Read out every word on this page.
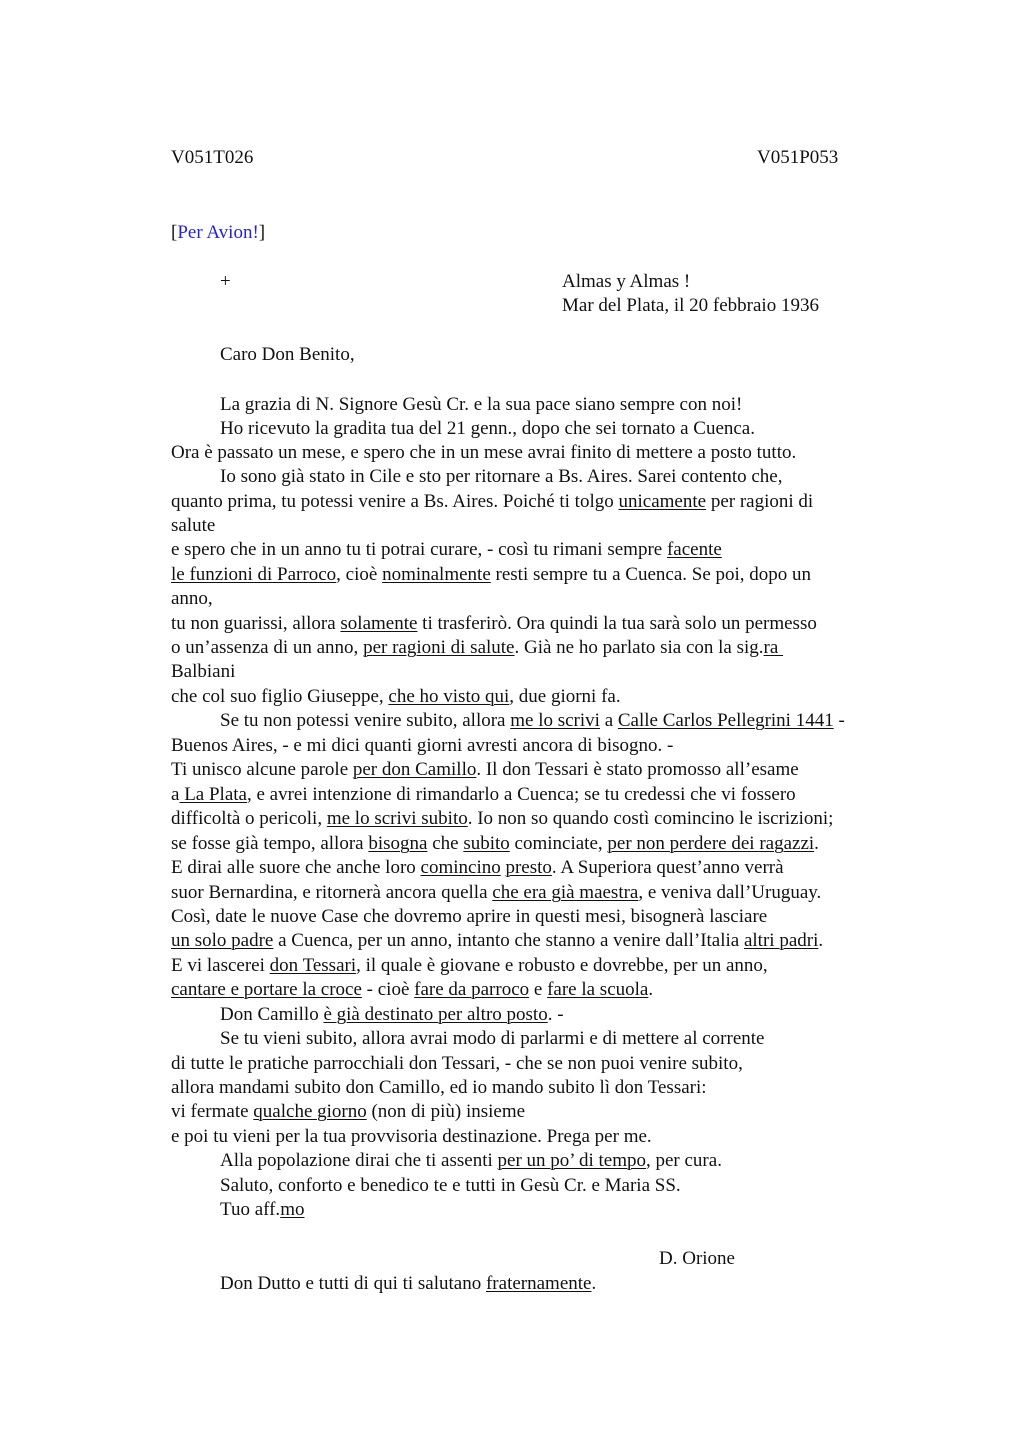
V051T026	V051P053
[Per Avion!]
+	Almas y Almas !
Mar del Plata, il 20 febbraio 1936
Caro Don Benito,
La grazia di N. Signore Gesù Cr. e la sua pace siano sempre con noi!
Ho ricevuto la gradita tua del 21 genn., dopo che sei tornato a Cuenca.
Ora è passato un mese, e spero che in un mese avrai finito di mettere a posto tutto.
Io sono già stato in Cile e sto per ritornare a Bs. Aires. Sarei contento che,
quanto prima, tu potessi venire a Bs. Aires. Poiché ti tolgo unicamente per ragioni di
salute
e spero che in un anno tu ti potrai curare, - così tu rimani sempre facente
le funzioni di Parroco, cioè nominalmente resti sempre tu a Cuenca. Se poi, dopo un
anno,
tu non guarissi, allora solamente ti trasferirò. Ora quindi la tua sarà solo un permesso
o un’assenza di un anno, per ragioni di salute. Già ne ho parlato sia con la sig.ra
Balbiani
che col suo figlio Giuseppe, che ho visto qui, due giorni fa.
Se tu non potessi venire subito, allora me lo scrivi a Calle Carlos Pellegrini 1441 -
Buenos Aires, - e mi dici quanti giorni avresti ancora di bisogno. -
Ti unisco alcune parole per don Camillo. Il don Tessari è stato promosso all’esame
a La Plata, e avrei intenzione di rimandarlo a Cuenca; se tu credessi che vi fossero
difficoltà o pericoli, me lo scrivi subito. Io non so quando costì comincino le iscrizioni;
se fosse già tempo, allora bisogna che subito cominciate, per non perdere dei ragazzi.
E dirai alle suore che anche loro comincino presto. A Superiora quest’anno verrà
suor Bernardina, e ritornerà ancora quella che era già maestra, e veniva dall’Uruguay.
Così, date le nuove Case che dovremo aprire in questi mesi, bisognerà lasciare
un solo padre a Cuenca, per un anno, intanto che stanno a venire dall’Italia altri padri.
E vi lascerei don Tessari, il quale è giovane e robusto e dovrebbe, per un anno,
cantare e portare la croce - cioè fare da parroco e fare la scuola.
Don Camillo è già destinato per altro posto. -
Se tu vieni subito, allora avrai modo di parlarmi e di mettere al corrente
di tutte le pratiche parrocchiali don Tessari, - che se non puoi venire subito,
allora mandami subito don Camillo, ed io mando subito lì don Tessari:
vi fermate qualche giorno (non di più) insieme
e poi tu vieni per la tua provvisoria destinazione. Prega per me.
Alla popolazione dirai che ti assenti per un po’ di tempo, per cura.
Saluto, conforto e benedico te e tutti in Gesù Cr. e Maria SS.
Tuo aff.mo
D. Orione
Don Dutto e tutti di qui ti salutano fraternamente.
